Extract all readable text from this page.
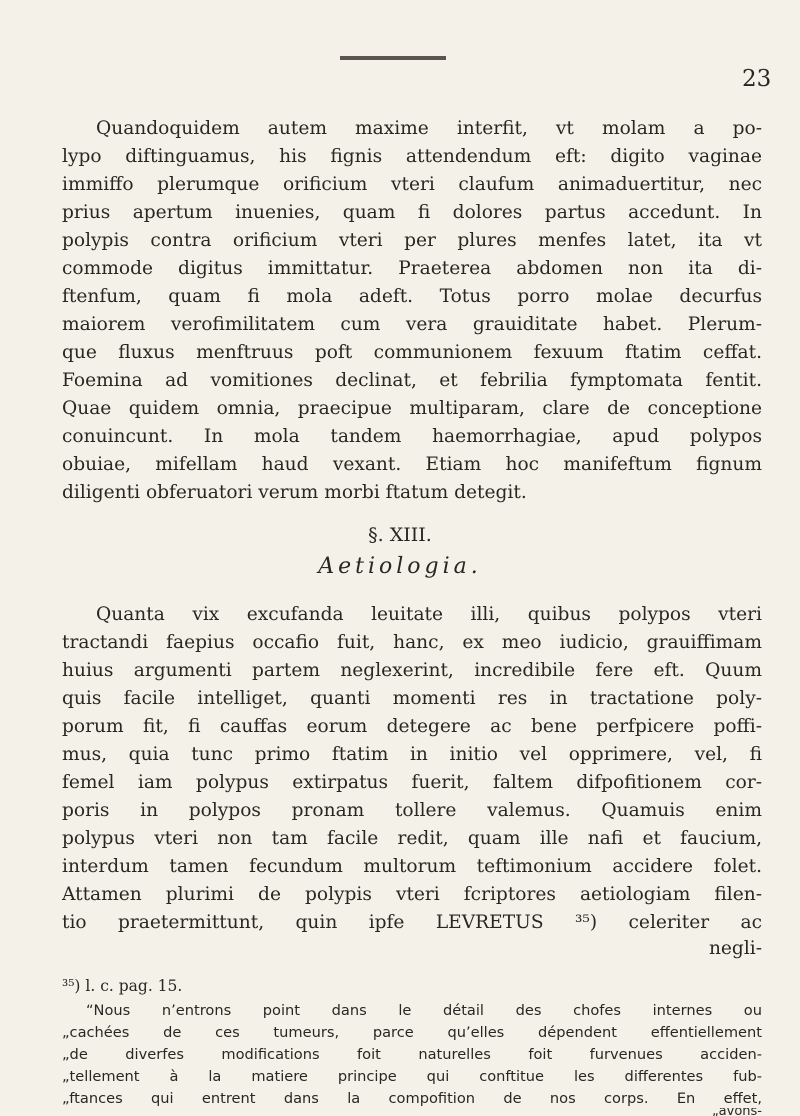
23
Quandoquidem autem maxime interfit, vt molam a po-
lypo diftinguamus, his fignis attendendum eft: digito vaginae
immiffo plerumque orificium vteri claufum animaduertitur, nec
prius apertum inuenies, quam fi dolores partus accedunt. In
polypis contra orificium vteri per plures menfes latet, ita vt
commode digitus immittatur. Praeterea abdomen non ita di-
ftenfum, quam fi mola adeft. Totus porro molae decurfus
maiorem verofimilitatem cum vera grauiditate habet. Plerum-
que fluxus menftruus poft communionem fexuum ftatim ceffat.
Foemina ad vomitiones declinat, et febrilia fymptomata fentit.
Quae quidem omnia, praecipue multiparam, clare de conceptione
conuincunt. In mola tandem haemorrhagiae, apud polypos
obuiae, mifellam haud vexant. Etiam hoc manifeftum fignum
diligenti obferuatori verum morbi ftatum detegit.
§. XIII.
Aetiologia.
Quanta vix excufanda leuitate illi, quibus polypos vteri
tractandi faepius occafio fuit, hanc, ex meo iudicio, grauiffimam
huius argumenti partem neglexerint, incredibile fere eft. Quum
quis facile intelliget, quanti momenti res in tractatione poly-
porum fit, fi cauffas eorum detegere ac bene perfpicere poffi-
mus, quia tunc primo ftatim in initio vel opprimere, vel, fi
femel iam polypus extirpatus fuerit, faltem difpofitionem cor-
poris in polypos pronam tollere valemus. Quamuis enim
polypus vteri non tam facile redit, quam ille nafi et faucium,
interdum tamen fecundum multorum teftimonium accidere folet.
Attamen plurimi de polypis vteri fcriptores aetiologiam filen-
tio praetermittunt, quin ipfe LEVRETUS ³⁵) celeriter ac
negli-
³⁵) l. c. pag. 15.
“Nous n’entrons point dans le détail des chofes internes ou
„cachées de ces tumeurs, parce qu’elles dépendent effentiellement
„de diverfes modifications foit naturelles foit furvenues acciden-
„tellement à la matiere principe qui conftitue les differentes fub-
„ftances qui entrent dans la compofition de nos corps. En effet,
„avons-
